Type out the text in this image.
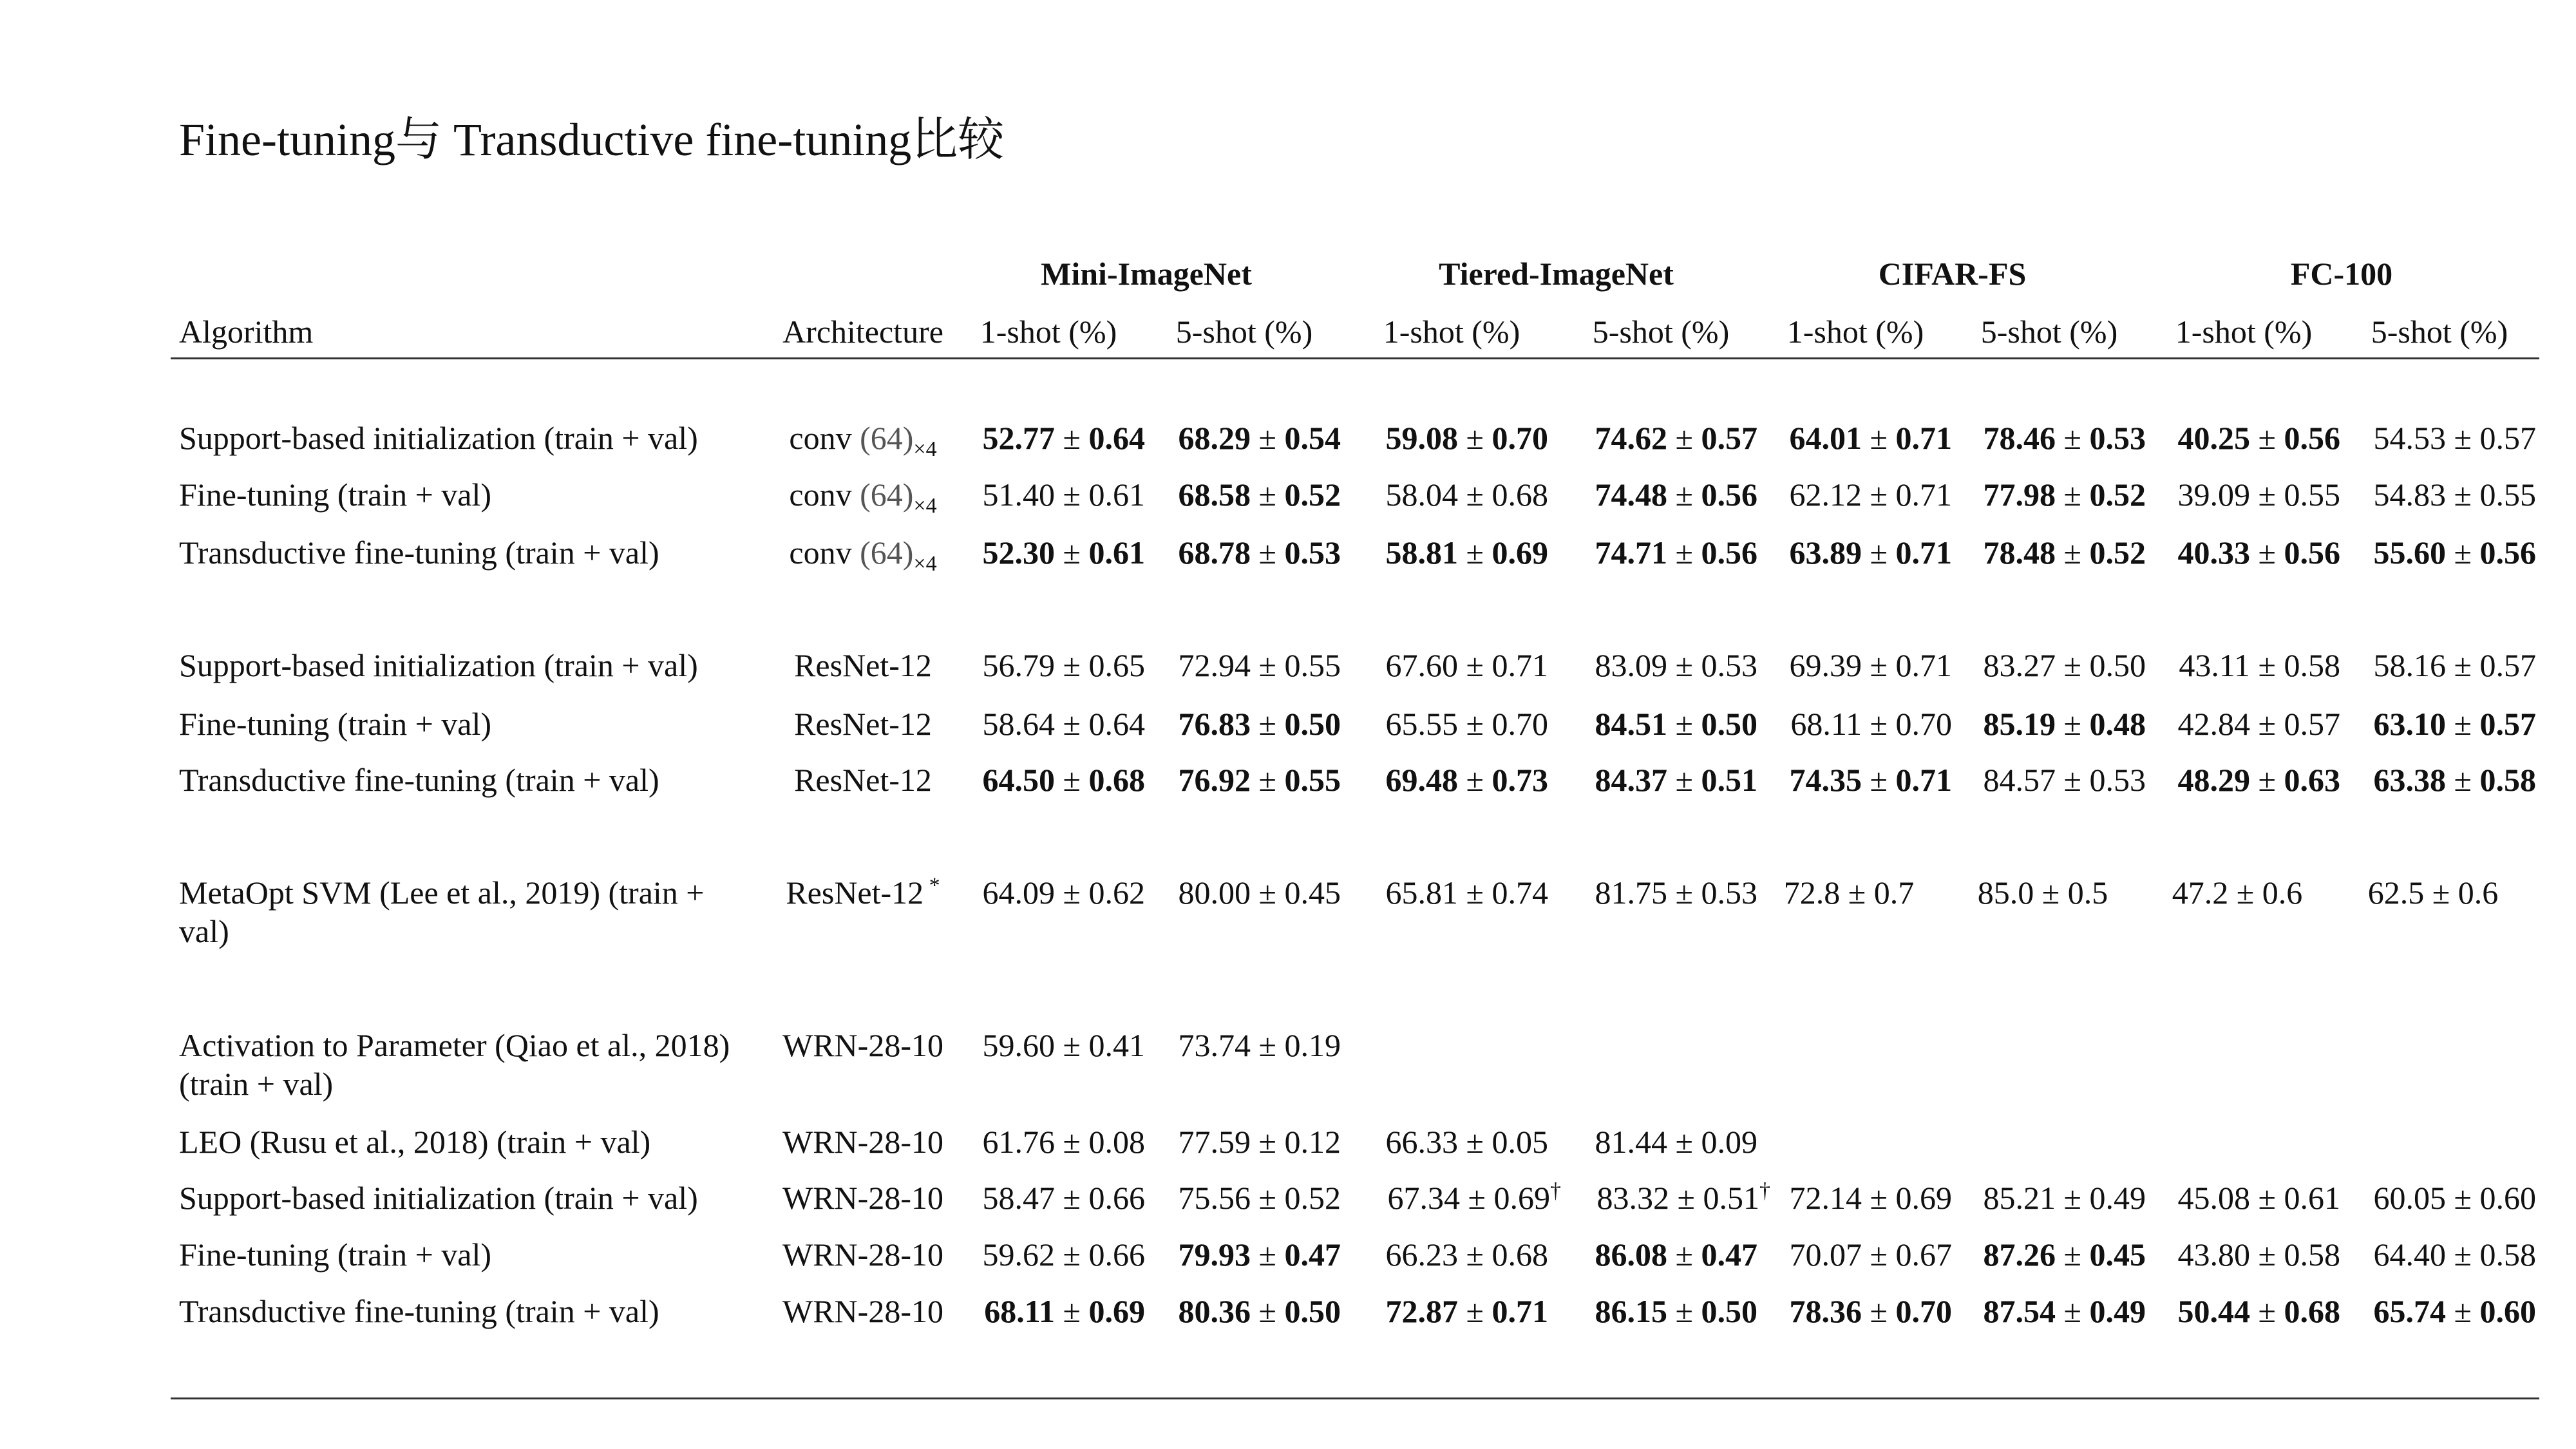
Fine-tuning与 Transductive fine-tuning比较
Mini-ImageNet	Tiered-ImageNet	CIFAR-FS	FC-100
Algorithm	Architecture	1-shot (%)	5-shot (%)	1-shot (%)	5-shot (%)	1-shot (%)	5-shot (%)	1-shot (%)	5-shot (%)
Support-based initialization (train + val)	conv $(64)_{\times 4}$	52.77 ± 0.64	68.29 ± 0.54	59.08 ± 0.70	74.62 ± 0.57 64.01 ± 0.71 78.46 ± 0.53 40.25 ± 0.56	54.53 ± 0.57
Fine-tuning (train + val)	conv $(64)_{\times 4}$	51.40 ± 0.61	68.58 ± 0.52	58.04 ± 0.68	74.48 ± 0.56 62.12 ± 0.71 77.98 ± 0.52 39.09 ± 0.55	54.83 ± 0.55
Transductive fine-tuning (train + val)	conv $(64)_{\times 4}$	52.30 ± 0.61	68.78 ± 0.53	58.81 ± 0.69	74.71 ± 0.56 63.89 ± 0.71 78.48 ± 0.52 40.33 ± 0.56	55.60 ± 0.56
Support-based initialization (train + val)	ResNet-12	56.79 ± 0.65	72.94 ± 0.55	67.60 ± 0.71	83.09 ± 0.53 69.39 ± 0.71 83.27 ± 0.50	43.11 ± 0.58	58.16 ± 0.57
Fine-tuning (train + val)	ResNet-12	58.64 ± 0.64	76.83 ± 0.50	65.55 ± 0.70	84.51 ± 0.50	68.11 ± 0.70 85.19 ± 0.48 42.84 ± 0.57	63.10 ± 0.57
Transductive fine-tuning (train + val)	ResNet-12	64.50 ± 0.68	76.92 ± 0.55	69.48 ± 0.73	84.37 ± 0.51 74.35 ± 0.71 84.57 ± 0.53 48.29 ± 0.63	63.38 ± 0.58
MetaOpt SVM (Lee et al., 2019) (train +
val)
ResNet-12 *	64.09 ± 0.62	80.00 ± 0.45	65.81 ± 0.74	81.75 ± 0.53 72.8 ± 0.7	85.0 ± 0.5	47.2 ± 0.6	62.5 ± 0.6
Activation to Parameter (Qiao et al., 2018)
(train + val)
WRN-28-10	59.60 ± 0.41	73.74 ± 0.19
LEO (Rusu et al., 2018) (train + val)	WRN-28-10	61.76 ± 0.08	77.59 ± 0.12	66.33 ± 0.05	81.44 ± 0.09
Support-based initialization (train + val)	WRN-28-10	58.47 ± 0.66	75.56 ± 0.52	67.34 ± 0.69†	83.32 ± 0.51† 72.14 ± 0.69 85.21 ± 0.49 45.08 ± 0.61	60.05 ± 0.60
Fine-tuning (train + val)	WRN-28-10	59.62 ± 0.66	79.93 ± 0.47	66.23 ± 0.68	86.08 ± 0.47 70.07 ± 0.67 87.26 ± 0.45 43.80 ± 0.58	64.40 ± 0.58
Transductive fine-tuning (train + val)	WRN-28-10	68.11 ± 0.69	80.36 ± 0.50	72.87 ± 0.71	86.15 ± 0.50 78.36 ± 0.70 87.54 ± 0.49 50.44 ± 0.68	65.74 ± 0.60
